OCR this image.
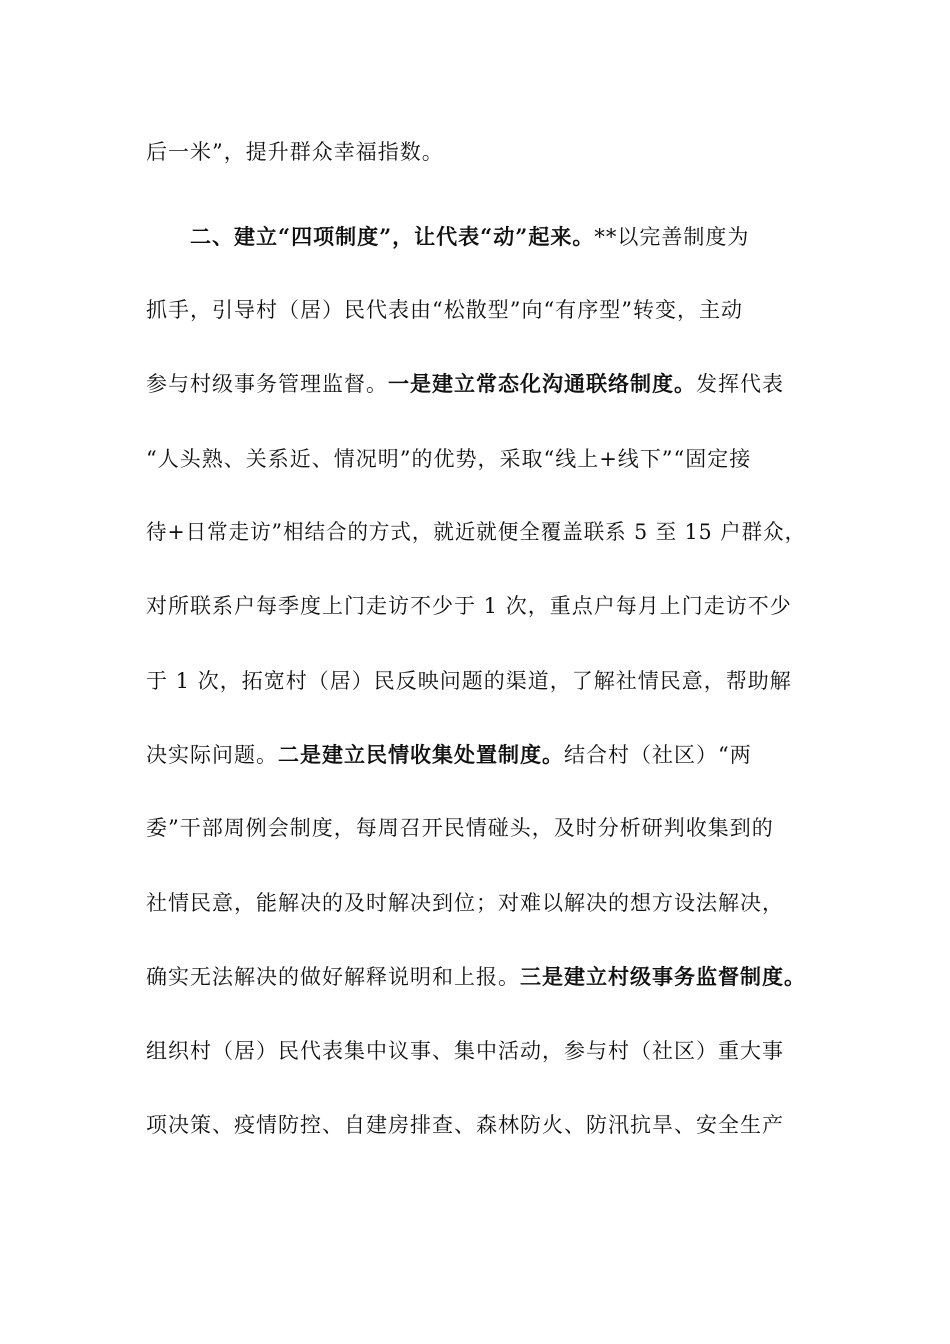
后一米”，提升群众幸福指数。
二、建立“四项制度”，让代表“动”起来。**以完善制度为
抓手，引导村（居）民代表由“松散型”向“有序型”转变，主动
参与村级事务管理监督。一是建立常态化沟通联络制度。发挥代表
“人头熟、关系近、情况明”的优势，采取“线上+线下”“固定接
待+日常走访”相结合的方式，就近就便全覆盖联系 5 至 15 户群众，
对所联系户每季度上门走访不少于 1 次，重点户每月上门走访不少
于 1 次，拓宽村（居）民反映问题的渠道，了解社情民意，帮助解
决实际问题。二是建立民情收集处置制度。结合村（社区）“两
委”干部周例会制度，每周召开民情碰头，及时分析研判收集到的
社情民意，能解决的及时解决到位；对难以解决的想方设法解决，
确实无法解决的做好解释说明和上报。三是建立村级事务监督制度。
组织村（居）民代表集中议事、集中活动，参与村（社区）重大事
项决策、疫情防控、自建房排查、森林防火、防汛抗旱、安全生产
